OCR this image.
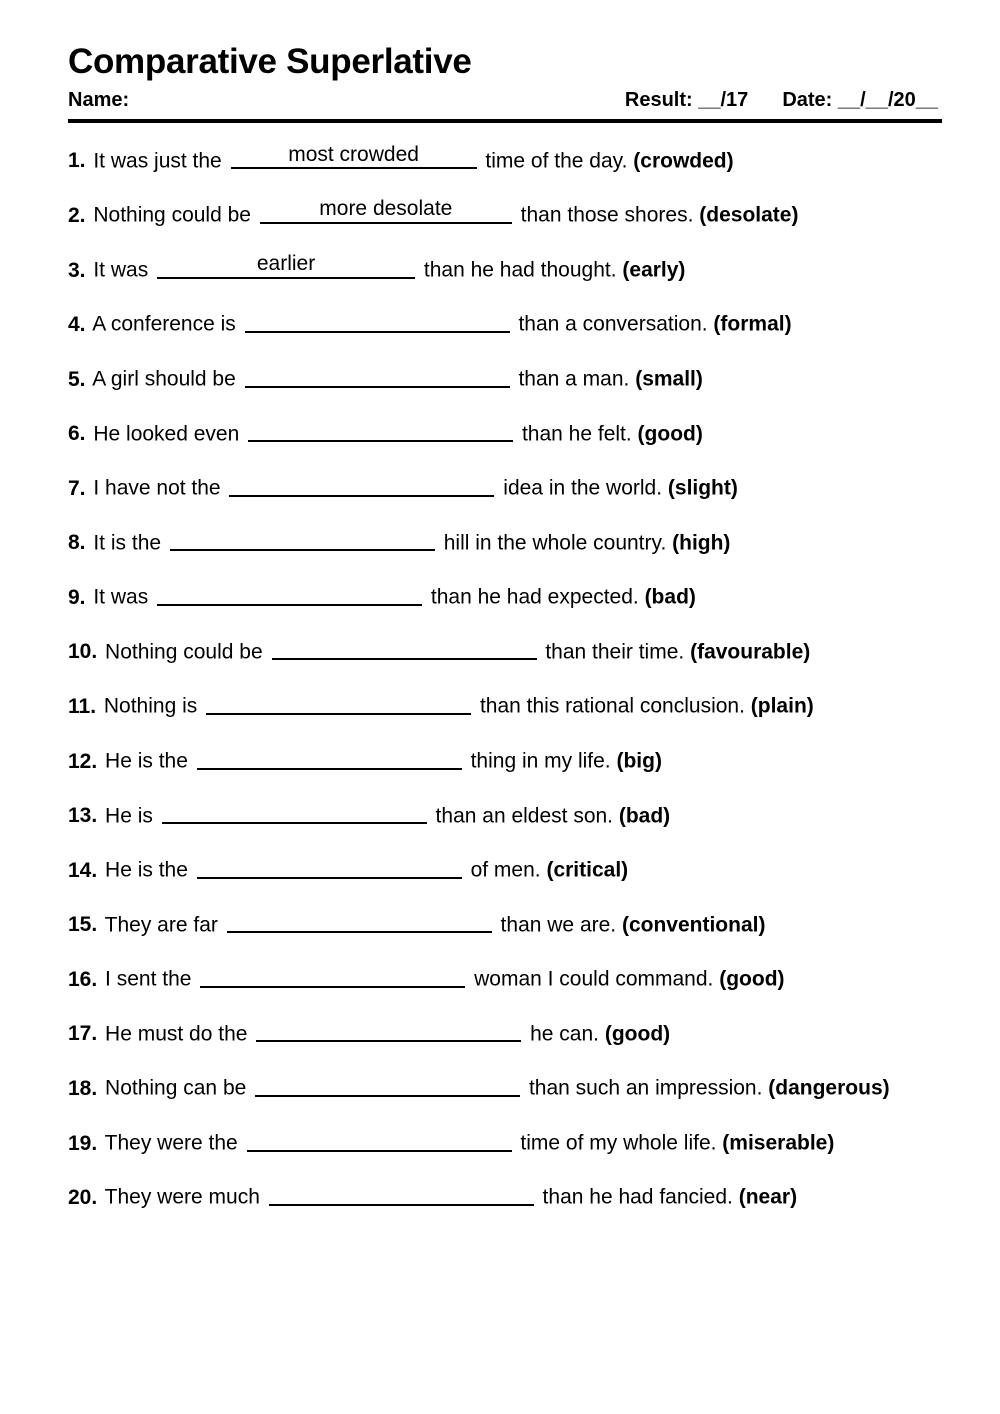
Comparative Superlative
Name:	Result: __/17 Date: __/__/20__
1. It was just the	most crowded	time of the day. (crowded)
2. Nothing could be	more desolate	than those shores. (desolate)
3. It was	earlier	than he had thought. (early)
4. A conference is	than a conversation. (formal)
5. A girl should be	than a man. (small)
6. He looked even	than he felt. (good)
7. I have not the	idea in the world. (slight)
8. It is the	hill in the whole country. (high)
9. It was	than he had expected. (bad)
10. Nothing could be	than their time. (favourable)
11. Nothing is	than this rational conclusion. (plain)
12. He is the	thing in my life. (big)
13. He is	than an eldest son. (bad)
14. He is the	of men. (critical)
15. They are far	than we are. (conventional)
16. I sent the	woman I could command. (good)
17. He must do the	he can. (good)
18. Nothing can be	than such an impression. (dangerous)
19. They were the	time of my whole life. (miserable)
20. They were much	than he had fancied. (near)
